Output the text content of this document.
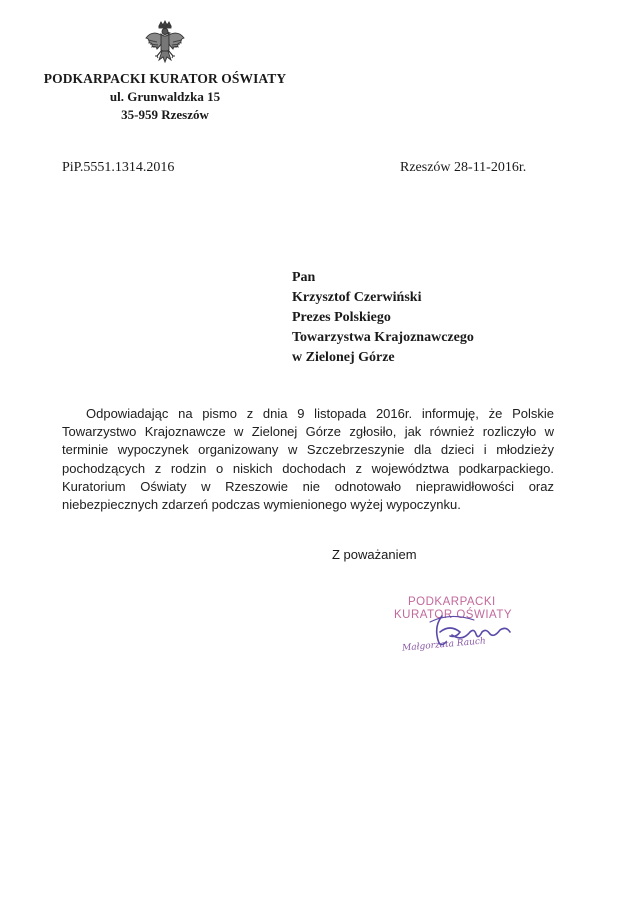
PODKARPACKI KURATOR OŚWIATY
ul. Grunwaldzka 15
35-959 Rzeszów
PiP.5551.1314.2016	Rzeszów 28-11-2016r.
Pan
Krzysztof Czerwiński
Prezes Polskiego
Towarzystwa Krajoznawczego
w Zielonej Górze
Odpowiadając na pismo z dnia 9 listopada 2016r. informuję, że Polskie Towarzystwo Krajoznawcze w Zielonej Górze zgłosiło, jak również rozliczyło w terminie wypoczynek organizowany w Szczebrzeszynie dla dzieci i młodzieży pochodzących z rodzin o niskich dochodach z województwa podkarpackiego. Kuratorium Oświaty w Rzeszowie nie odnotowało nieprawidłowości oraz niebezpiecznych zdarzeń podczas wymienionego wyżej wypoczynku.
Z poważaniem
PODKARPACKI
KURATOR OŚWIATY
Małgorzata Rauch
